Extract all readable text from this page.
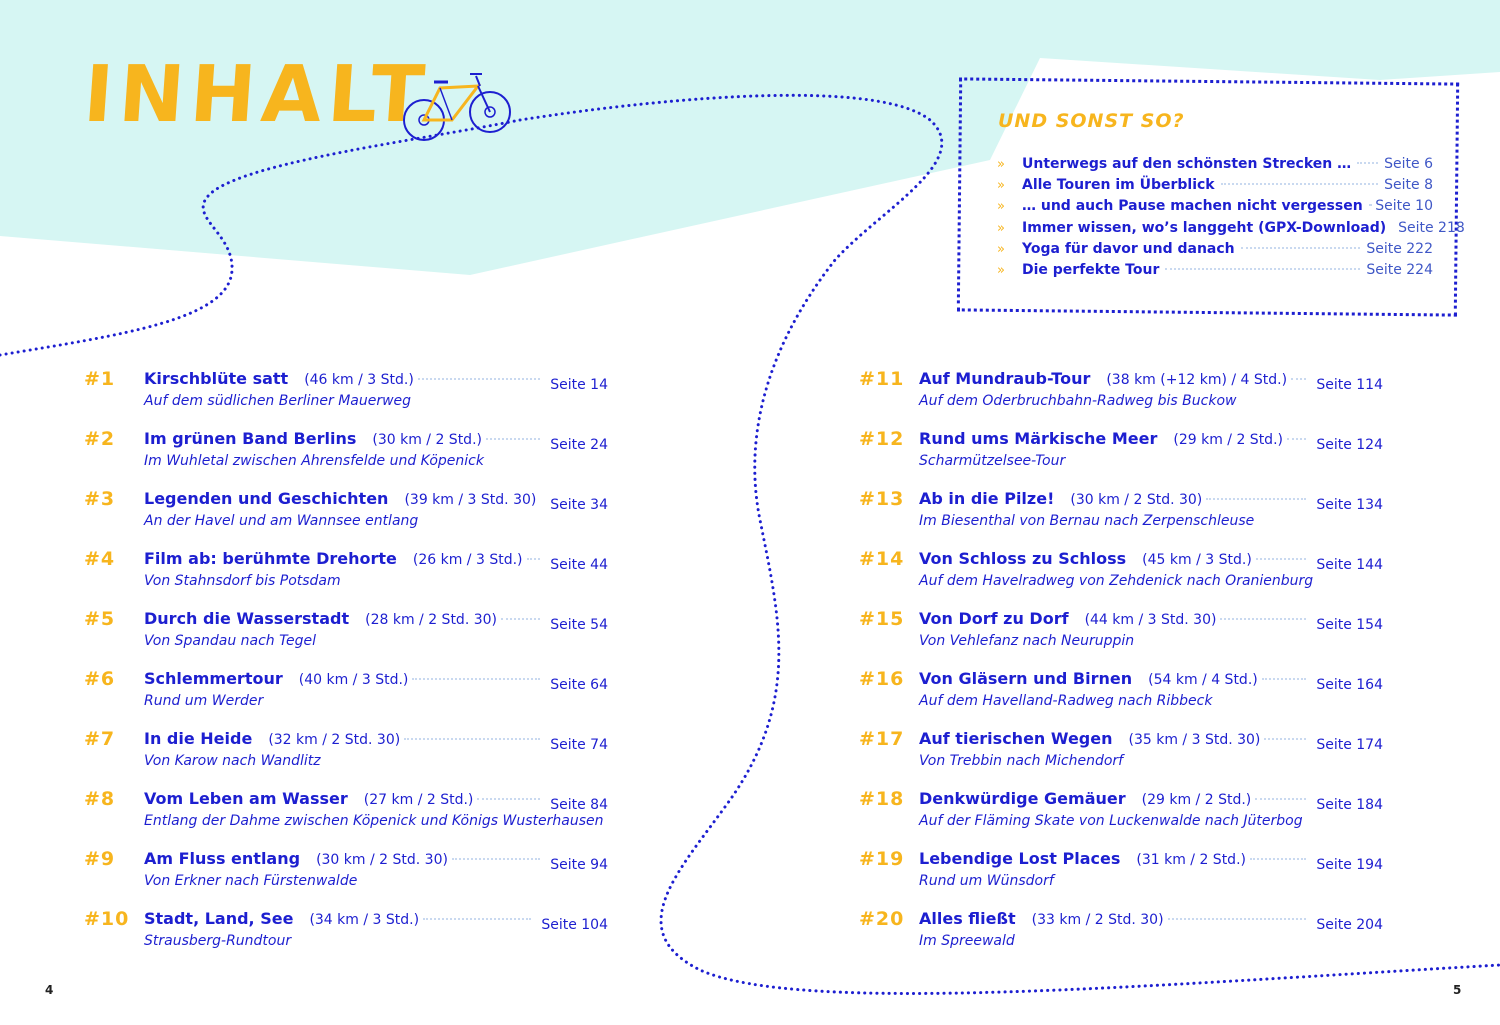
INHALT	UND SONST SO?
»	Unterwegs auf den schönsten Strecken … Seite 6
»	Alle Touren im Überblick	Seite 8
»	… und auch Pause machen nicht vergessen Seite 10
»	Immer wissen, wo’s langgeht (GPX-Download) Seite 218
»	Yoga für davor und danach	Seite 222
»	Die perfekte Tour	Seite 224
#1 Kirschblüte satt (46 km / 3 Std.)	Seite 14
Auf dem südlichen Berliner Mauerweg
#2 Im grünen Band Berlins (30 km / 2 Std.)	Seite 24
Im Wuhletal zwischen Ahrensfelde und Köpenick
#3 Legenden und Geschichten (39 km / 3 Std. 30) Seite 34
An der Havel und am Wannsee entlang
#4 Film ab: berühmte Drehorte (26 km / 3 Std.) Seite 44
Von Stahnsdorf bis Potsdam
#5 Durch die Wasserstadt (28 km / 2 Std. 30)	Seite 54
Von Spandau nach Tegel
#6 Schlemmertour (40 km / 3 Std.)	Seite 64
Rund um Werder
#7 In die Heide (32 km / 2 Std. 30)	Seite 74
Von Karow nach Wandlitz
#8 Vom Leben am Wasser (27 km / 2 Std.)	Seite 84
Entlang der Dahme zwischen Köpenick und Königs Wusterhausen
#9 Am Fluss entlang (30 km / 2 Std. 30)	Seite 94
Von Erkner nach Fürstenwalde
#10 Stadt, Land, See (34 km / 3 Std.)	Seite 104
Strausberg-Rundtour
#11 Auf Mundraub-Tour (38 km (+12 km) / 4 Std.) Seite 114
Auf dem Oderbruchbahn-Radweg bis Buckow
#12 Rund ums Märkische Meer (29 km / 2 Std.) Seite 124
Scharmützelsee-Tour
#13 Ab in die Pilze! (30 km / 2 Std. 30)	Seite 134
Im Biesenthal von Bernau nach Zerpenschleuse
#14 Von Schloss zu Schloss (45 km / 3 Std.)	Seite 144
Auf dem Havelradweg von Zehdenick nach Oranienburg
#15 Von Dorf zu Dorf (44 km / 3 Std. 30)	Seite 154
Von Vehlefanz nach Neuruppin
#16 Von Gläsern und Birnen (54 km / 4 Std.)	Seite 164
Auf dem Havelland-Radweg nach Ribbeck
#17 Auf tierischen Wegen (35 km / 3 Std. 30)	Seite 174
Von Trebbin nach Michendorf
#18 Denkwürdige Gemäuer (29 km / 2 Std.)	Seite 184
Auf der Fläming Skate von Luckenwalde nach Jüterbog
#19 Lebendige Lost Places (31 km / 2 Std.)	Seite 194
Rund um Wünsdorf
#20 Alles fließt (33 km / 2 Std. 30)	Seite 204
Im Spreewald
4	5
